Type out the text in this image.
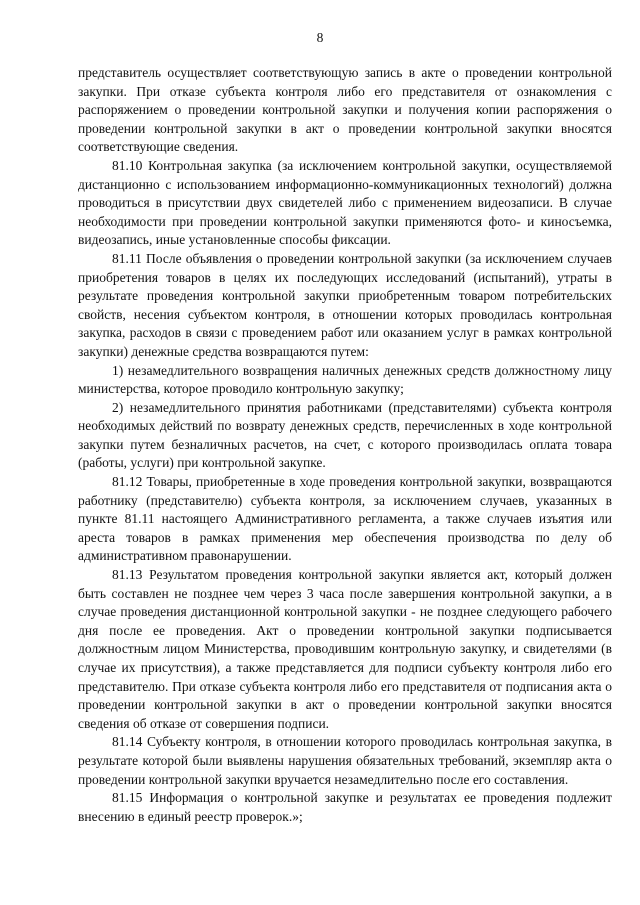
8

представитель осуществляет соответствующую запись в акте о проведении контрольной закупки. При отказе субъекта контроля либо его представителя от ознакомления с распоряжением о проведении контрольной закупки и получения копии распоряжения о проведении контрольной закупки в акт о проведении контрольной закупки вносятся соответствующие сведения.

81.10 Контрольная закупка (за исключением контрольной закупки, осуществляемой дистанционно с использованием информационно-коммуникационных технологий) должна проводиться в присутствии двух свидетелей либо с применением видеозаписи. В случае необходимости при проведении контрольной закупки применяются фото- и киносъемка, видеозапись, иные установленные способы фиксации.

81.11 После объявления о проведении контрольной закупки (за исключением случаев приобретения товаров в целях их последующих исследований (испытаний), утраты в результате проведения контрольной закупки приобретенным товаром потребительских свойств, несения субъектом контроля, в отношении которых проводилась контрольная закупка, расходов в связи с проведением работ или оказанием услуг в рамках контрольной закупки) денежные средства возвращаются путем:

1) незамедлительного возвращения наличных денежных средств должностному лицу министерства, которое проводило контрольную закупку;

2) незамедлительного принятия работниками (представителями) субъекта контроля необходимых действий по возврату денежных средств, перечисленных в ходе контрольной закупки путем безналичных расчетов, на счет, с которого производилась оплата товара (работы, услуги) при контрольной закупке.

81.12 Товары, приобретенные в ходе проведения контрольной закупки, возвращаются работнику (представителю) субъекта контроля, за исключением случаев, указанных в пункте 81.11 настоящего Административного регламента, а также случаев изъятия или ареста товаров в рамках применения мер обеспечения производства по делу об административном правонарушении.

81.13 Результатом проведения контрольной закупки является акт, который должен быть составлен не позднее чем через 3 часа после завершения контрольной закупки, а в случае проведения дистанционной контрольной закупки - не позднее следующего рабочего дня после ее проведения. Акт о проведении контрольной закупки подписывается должностным лицом Министерства, проводившим контрольную закупку, и свидетелями (в случае их присутствия), а также представляется для подписи субъекту контроля либо его представителю. При отказе субъекта контроля либо его представителя от подписания акта о проведении контрольной закупки в акт о проведении контрольной закупки вносятся сведения об отказе от совершения подписи.

81.14 Субъекту контроля, в отношении которого проводилась контрольная закупка, в результате которой были выявлены нарушения обязательных требований, экземпляр акта о проведении контрольной закупки вручается незамедлительно после его составления.

81.15 Информация о контрольной закупке и результатах ее проведения подлежит внесению в единый реестр проверок.»;
